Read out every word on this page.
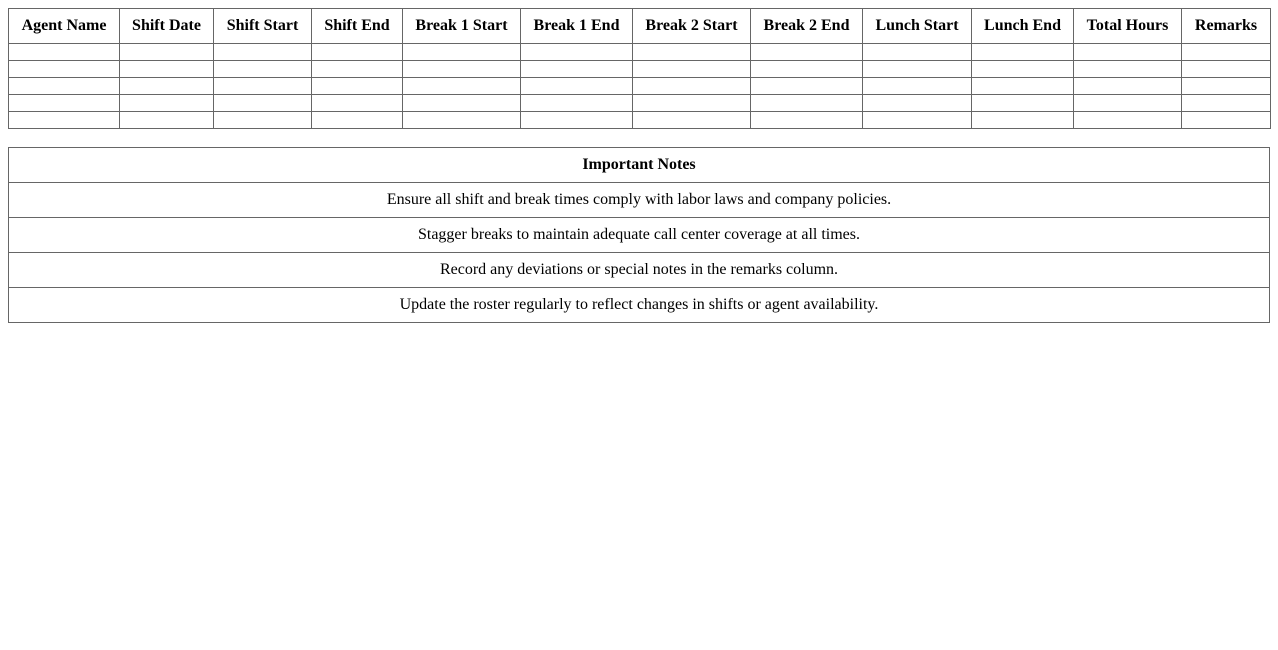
Agent Name	Shift Date	Shift Start	Shift End	Break 1 Start	Break 1 End	Break 2 Start	Break 2 End	Lunch Start	Lunch End	Total Hours	Remarks

Important Notes
Ensure all shift and break times comply with labor laws and company policies.
Stagger breaks to maintain adequate call center coverage at all times.
Record any deviations or special notes in the remarks column.
Update the roster regularly to reflect changes in shifts or agent availability.
